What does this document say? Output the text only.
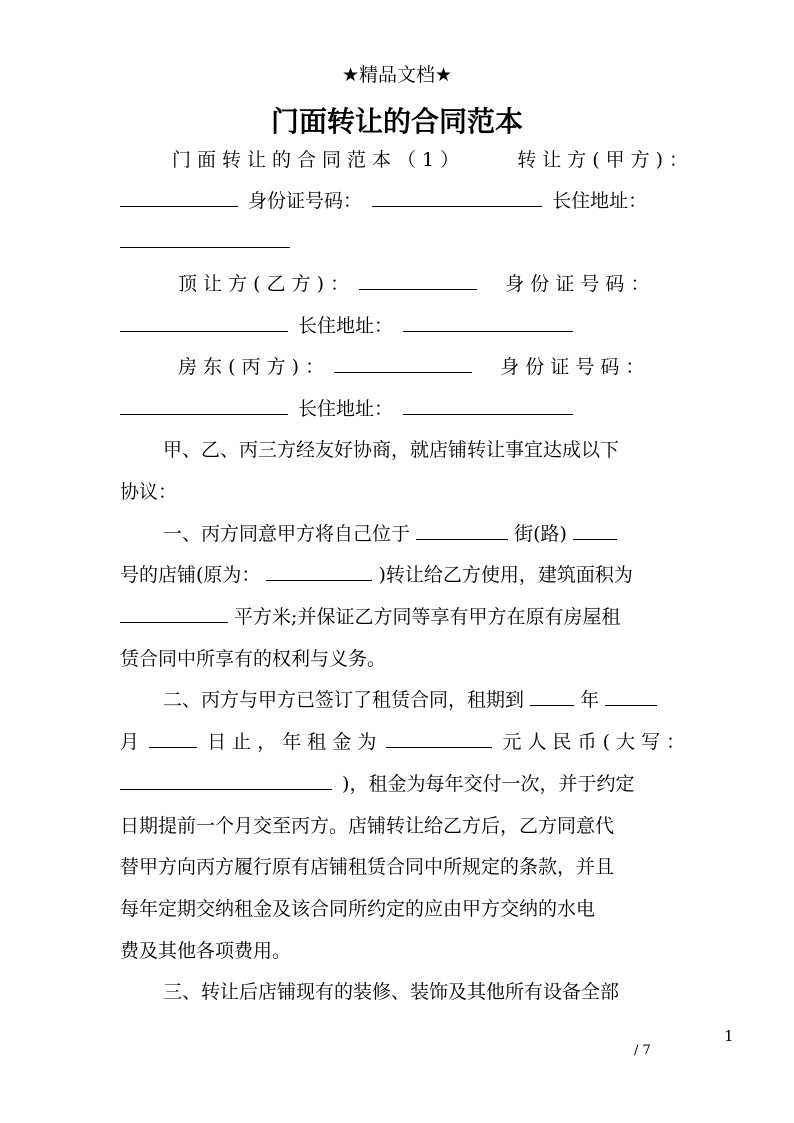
★精品文档★
门面转让的合同范本
门面转让的合同范本（1）	转让方(甲方)：
身份证号码：	长住地址：
顶 让 方 ( 乙 方 ) ：	身 份 证 号 码 ：
长住地址：
房 东 ( 丙 方 ) ：	身 份 证 号 码 ：
长住地址：
甲、乙、丙三方经友好协商，就店铺转让事宜达成以下
协议：
一、丙方同意甲方将自己位于	街(路)
号的店铺(原为：	)转让给乙方使用，建筑面积为
平方米;并保证乙方同等享有甲方在原有房屋租
赁合同中所享有的权利与义务。
二、丙方与甲方已签订了租赁合同，租期到	年
月	日 止 ， 年 租 金 为	元 人 民 币 ( 大 写 ：
)，租金为每年交付一次，并于约定
日期提前一个月交至丙方。店铺转让给乙方后，乙方同意代
替甲方向丙方履行原有店铺租赁合同中所规定的条款，并且
每年定期交纳租金及该合同所约定的应由甲方交纳的水电
费及其他各项费用。
三、转让后店铺现有的装修、装饰及其他所有设备全部
1
/ 7
